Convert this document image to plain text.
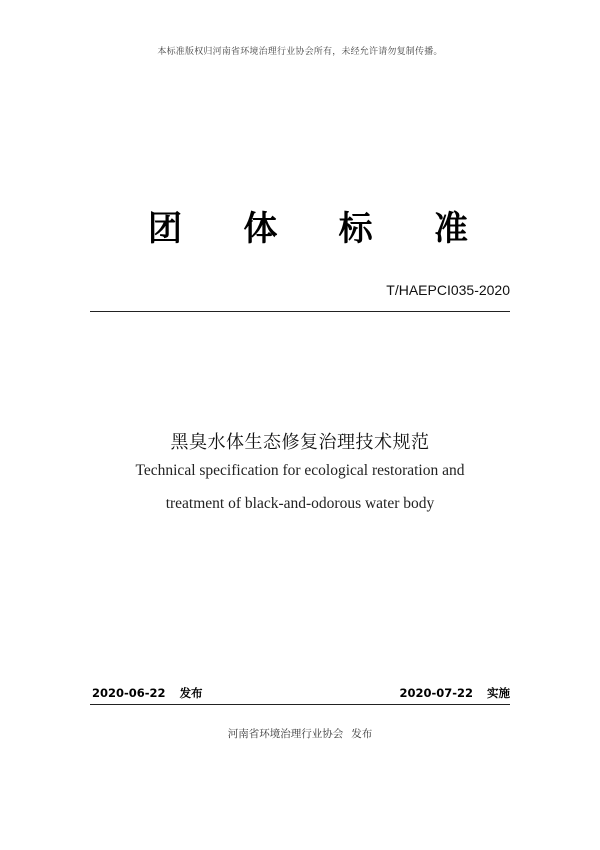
本标准版权归河南省环境治理行业协会所有，未经允许请勿复制传播。
团 体 标 准
T/HAEPCI035-2020
黑臭水体生态修复治理技术规范
Technical specification for ecological restoration and
treatment of black-and-odorous water body
2020-06-22 发布	2020-07-22 实施
河南省环境治理行业协会 发布
